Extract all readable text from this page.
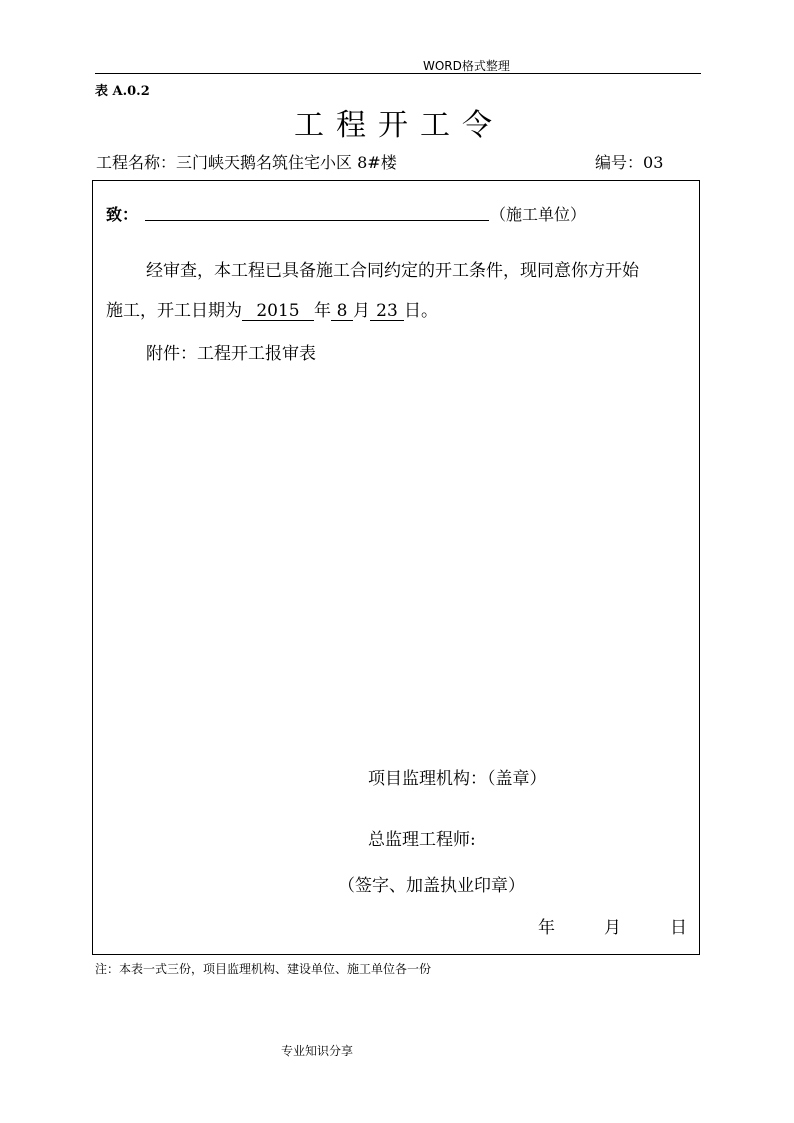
WORD格式整理
表 A.0.2
工程开工令
工程名称：三门峡天鹅名筑住宅小区 8#楼	编号：03
致：	（施工单位）
经审查，本工程已具备施工合同约定的开工条件，现同意你方开始
施工，开工日期为 2015 年 8 月 23 日。
附件：工程开工报审表
项目监理机构：（盖章）
总监理工程师:
（签字、加盖执业印章）
年	月	日
注：本表一式三份，项目监理机构、建设单位、施工单位各一份
专业知识分享
